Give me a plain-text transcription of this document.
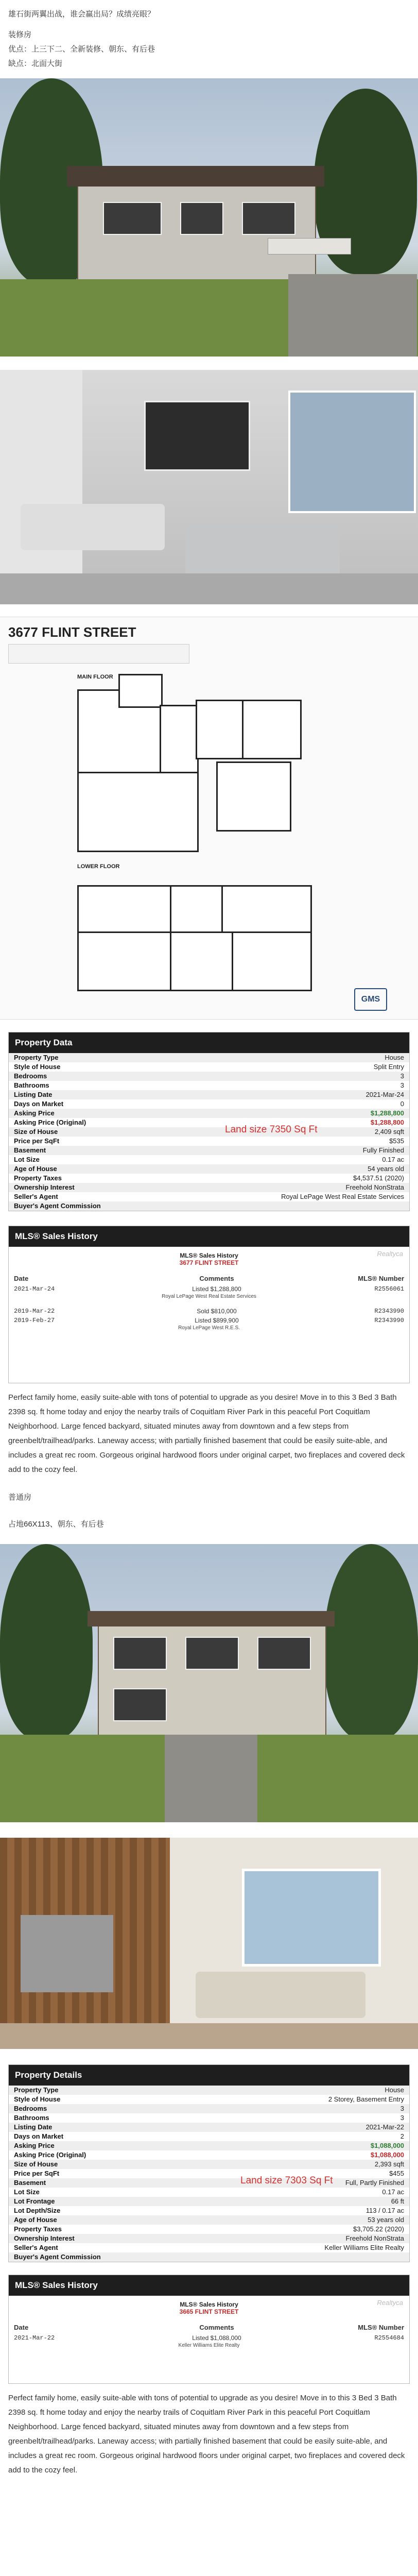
雄石街两翼出战，谁会赢出局？成绩亮眼？

装修房

优点：上三下二、全新装修、朝东、有后巷

缺点：北面大街

3677 FLINT STREET
MAIN FLOOR
LOWER FLOOR
GMS
Property Data
Property Type	House
Style of House	Split Entry
Bedrooms	3
Bathrooms	3
Listing Date	2021-Mar-24
Days on Market	0
Asking Price	$1,288,800
Asking Price (Original)	$1,288,800
Size of House	2,409 sqft
Price per SqFt	$535
Basement	Fully Finished
Lot Size	0.17 ac
Age of House	54 years old
Property Taxes	$4,537.51 (2020)
Ownership Interest	Freehold NonStrata
Seller's Agent	Royal LePage West Real Estate Services
Buyer's Agent Commission
Land size 7350 Sq Ft
MLS® Sales History
MLS® Sales History
3677 FLINT STREET
Realtyca
Date	Comments	MLS® Number
2021-Mar-24	Listed $1,288,800	R2556061
Royal LePage West Real Estate Services
2019-Mar-22	Sold $810,000	R2343990
2019-Feb-27	Listed $899,900	R2343990
Royal LePage West R.E.S.

Perfect family home, easily suite-able with tons of potential to upgrade as you desire! Move in to this 3 Bed 3 Bath 2398 sq. ft home today and enjoy the nearby trails of Coquitlam River Park in this peaceful Port Coquitlam Neighborhood. Large fenced backyard, situated minutes away from downtown and a few steps from greenbelt/trailhead/parks. Laneway access; with partially finished basement that could be easily suite-able, and includes a great rec room. Gorgeous original hardwood floors under original carpet, two fireplaces and covered deck add to the cozy feel.

普通房

占地66X113、朝东、有后巷

Property Details
Property Type	House
Style of House	2 Storey, Basement Entry
Bedrooms	3
Bathrooms	3
Listing Date	2021-Mar-22
Days on Market	2
Asking Price	$1,088,000
Asking Price (Original)	$1,088,000
Size of House	2,393 sqft
Price per SqFt	$455
Basement	Full, Partly Finished
Lot Size	0.17 ac
Lot Frontage	66 ft
Lot Depth/Size	113 / 0.17 ac
Age of House	53 years old
Property Taxes	$3,705.22 (2020)
Ownership Interest	Freehold NonStrata
Seller's Agent	Keller Williams Elite Realty
Buyer's Agent Commission
Land size 7303 Sq Ft
MLS® Sales History
MLS® Sales History
3665 FLINT STREET
Realtyca
Date	Comments	MLS® Number
2021-Mar-22	Listed $1,088,000	R2554684
Keller Williams Elite Realty

Perfect family home, easily suite-able with tons of potential to upgrade as you desire! Move in to this 3 Bed 3 Bath 2398 sq. ft home today and enjoy the nearby trails of Coquitlam River Park in this peaceful Port Coquitlam Neighborhood. Large fenced backyard, situated minutes away from downtown and a few steps from greenbelt/trailhead/parks. Laneway access; with partially finished basement that could be easily suite-able, and includes a great rec room. Gorgeous original hardwood floors under original carpet, two fireplaces and covered deck add to the cozy feel.
